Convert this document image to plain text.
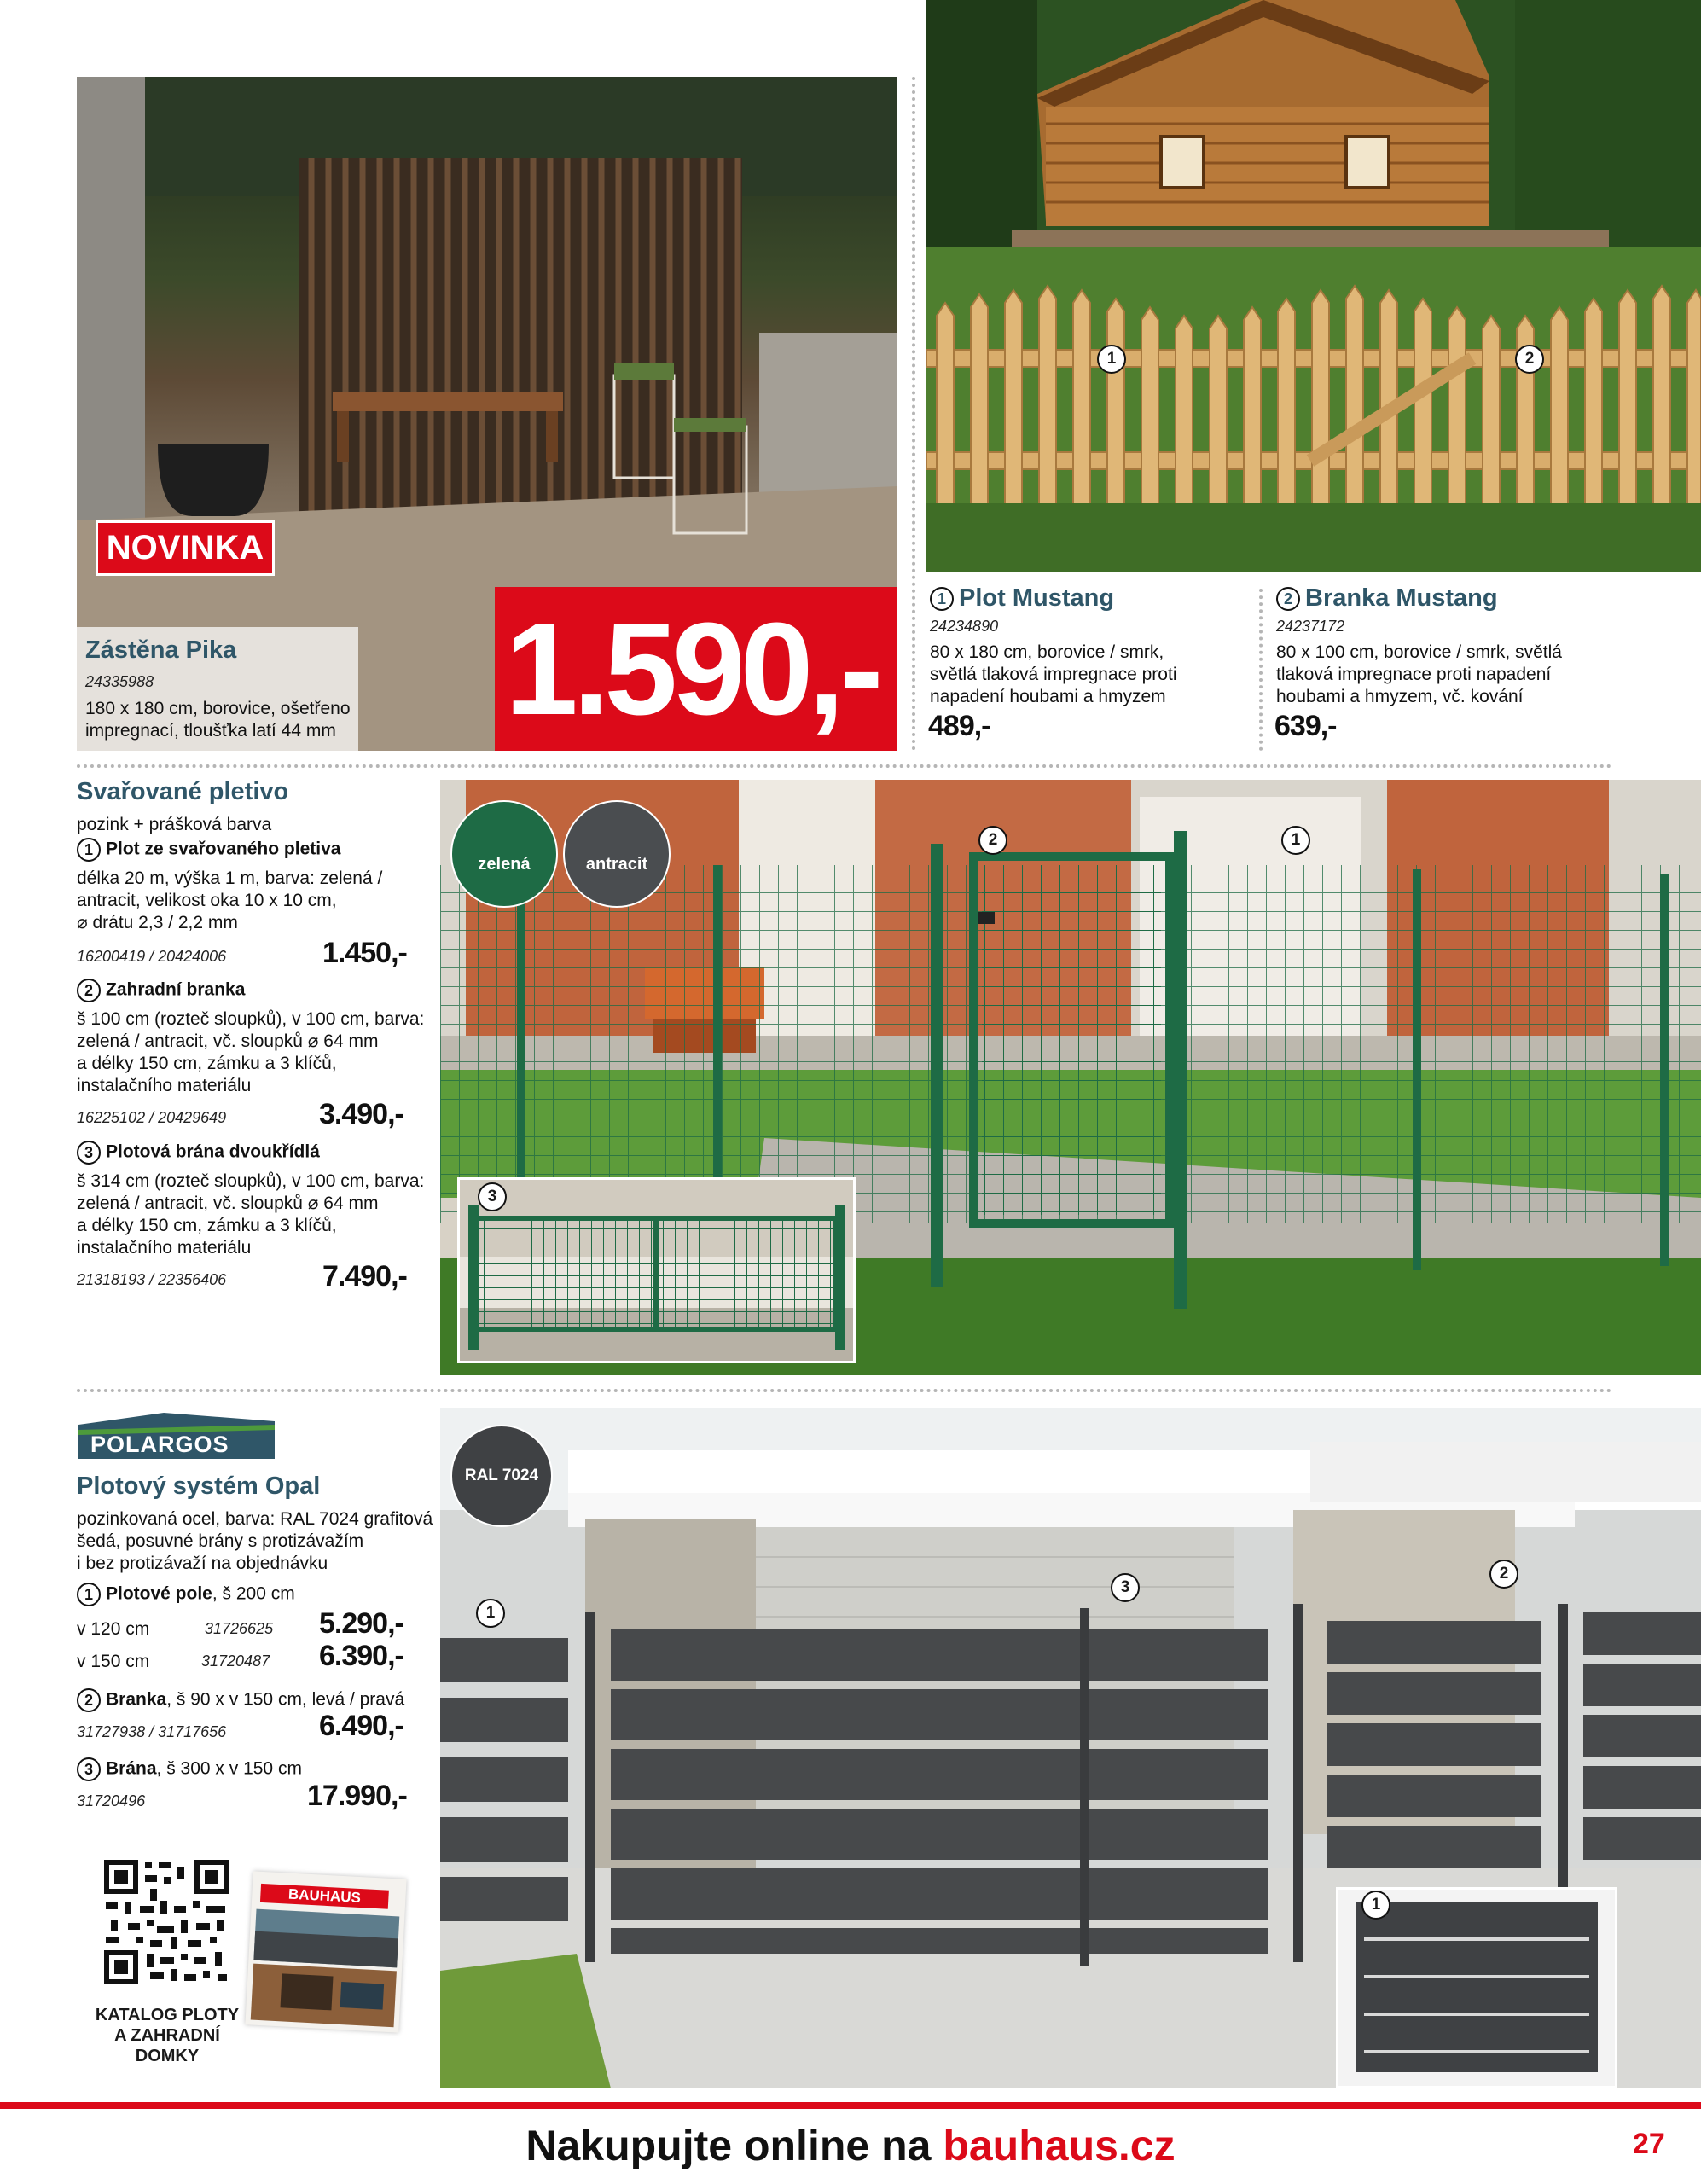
NOVINKA
Zástěna Pika
24335988
180 x 180 cm, borovice, ošetřeno
impregnací, tloušťka latí 44 mm 1.590,-
1	2
1 Plot Mustang
24234890
80 x 180 cm, borovice / smrk,
světlá tlaková impregnace proti
napadení houbami a hmyzem
489,-
2 Branka Mustang
24237172
80 x 100 cm, borovice / smrk, světlá
tlaková impregnace proti napadení
houbami a hmyzem, vč. kování
639,-
Svařované pletivo
pozink + prášková barva
1 Plot ze svařovaného pletiva
délka 20 m, výška 1 m, barva: zelená /
antracit, velikost oka 10 x 10 cm,
⌀ drátu 2,3 / 2,2 mm
16200419 / 20424006	1.450,-
2 Zahradní branka
š 100 cm (rozteč sloupků), v 100 cm, barva:
zelená / antracit, vč. sloupků ⌀ 64 mm
a délky 150 cm, zámku a 3 klíčů,
instalačního materiálu
16225102 / 20429649	3.490,-
3 Plotová brána dvoukřídlá
š 314 cm (rozteč sloupků), v 100 cm, barva:
zelená / antracit, vč. sloupků ⌀ 64 mm
a délky 150 cm, zámku a 3 klíčů,
instalačního materiálu
21318193 / 22356406	7.490,-
zelená	antracit
2	1
3
POLARGOS
Plotový systém Opal
pozinkovaná ocel, barva: RAL 7024 grafitová
šedá, posuvné brány s protizávažím
i bez protizávaží na objednávku
1 Plotové pole, š 200 cm
v 120 cm	31726625 5.290,-
v 150 cm	31720487 6.390,-
2 Branka, š 90 x v 150 cm, levá / pravá
31727938 / 31717656	6.490,-
3 Brána, š 300 x v 150 cm
31720496	17.990,-
KATALOG PLOTY
A ZAHRADNÍ
DOMKY
BAUHAUS
RAL 7024
1
3
2
1
Nakupujte online na bauhaus.cz	27
